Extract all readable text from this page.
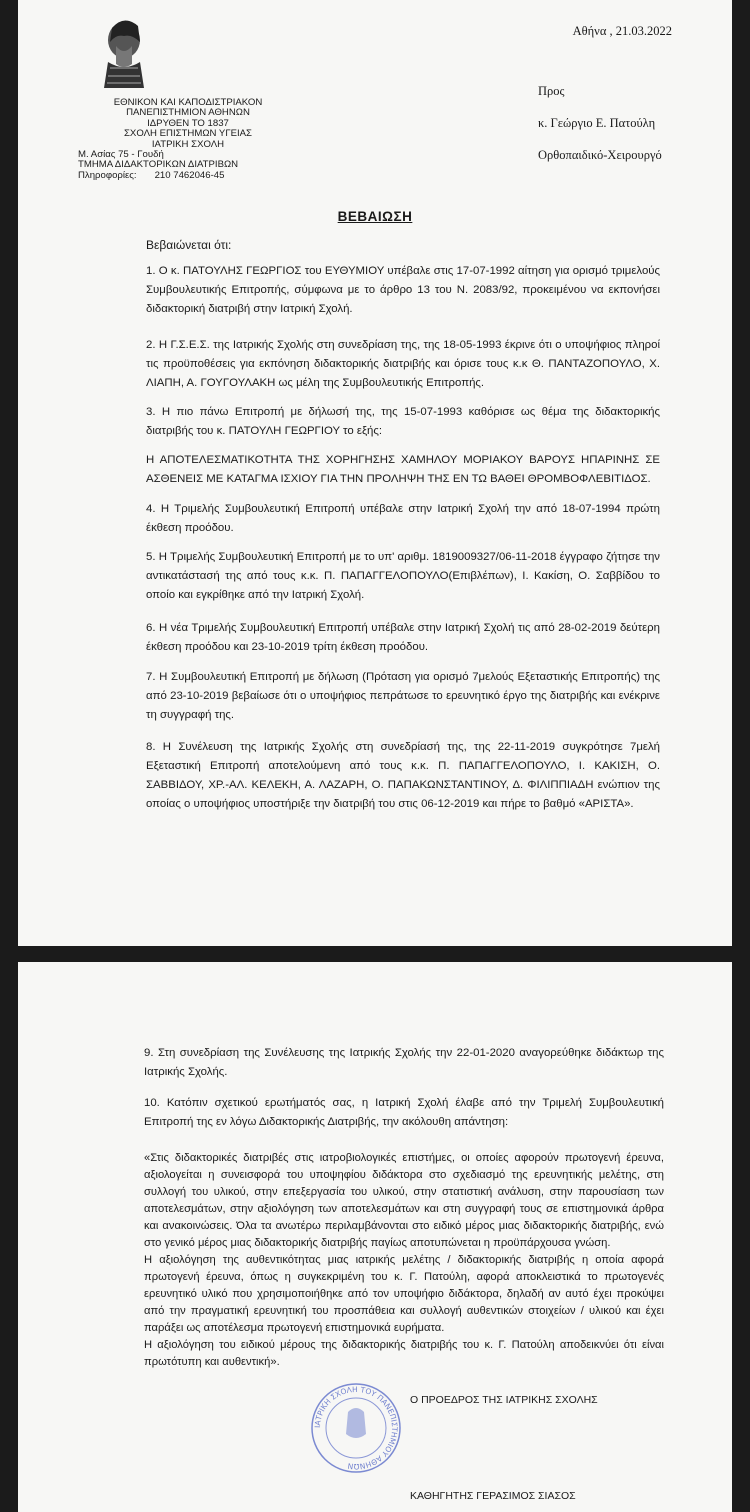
ΕΘΝΙΚΟΝ ΚΑΙ ΚΑΠΟΔΙΣΤΡΙΑΚΟΝ
ΠΑΝΕΠΙΣΤΗΜΙΟΝ ΑΘΗΝΩΝ
ΙΔΡΥΘΕΝ ΤΟ 1837
ΣΧΟΛΗ ΕΠΙΣΤΗΜΩΝ ΥΓΕΙΑΣ
ΙΑΤΡΙΚΗ ΣΧΟΛΗ
Μ. Ασίας 75 - Γουδή
ΤΜΗΜΑ ΔΙΔΑΚΤΟΡΙΚΩΝ ΔΙΑΤΡΙΒΩΝ
Πληροφορίες: 210 7462046-45
Αθήνα , 21.03.2022
Προς
κ. Γεώργιο Ε. Πατούλη
Ορθοπαιδικό-Χειρουργό
ΒΕΒΑΙΩΣΗ
Βεβαιώνεται ότι:

1. Ο κ. ΠΑΤΟΥΛΗΣ ΓΕΩΡΓΙΟΣ του ΕΥΘΥΜΙΟΥ υπέβαλε στις 17-07-1992 αίτηση για ορισμό τριμελούς Συμβουλευτικής Επιτροπής, σύμφωνα με το άρθρο 13 του Ν. 2083/92, προκειμένου να εκπονήσει διδακτορική διατριβή στην Ιατρική Σχολή.

2. Η Γ.Σ.Ε.Σ. της Ιατρικής Σχολής στη συνεδρίαση της, της 18-05-1993 έκρινε ότι ο υποψήφιος πληροί τις προϋποθέσεις για εκπόνηση διδακτορικής διατριβής και όρισε τους κ.κ Θ. ΠΑΝΤΑΖΟΠΟΥΛΟ, Χ. ΛΙΑΠΗ, Α. ΓΟΥΓΟΥΛΑΚΗ ως μέλη της Συμβουλευτικής Επιτροπής.

3. Η πιο πάνω Επιτροπή με δήλωσή της, της 15-07-1993 καθόρισε ως θέμα της διδακτορικής διατριβής του κ. ΠΑΤΟΥΛΗ ΓΕΩΡΓΙΟΥ το εξής:

Η ΑΠΟΤΕΛΕΣΜΑΤΙΚΟΤΗΤΑ ΤΗΣ ΧΟΡΗΓΗΣΗΣ ΧΑΜΗΛΟΥ ΜΟΡΙΑΚΟΥ ΒΑΡΟΥΣ ΗΠΑΡΙΝΗΣ ΣΕ ΑΣΘΕΝΕΙΣ ΜΕ ΚΑΤΑΓΜΑ ΙΣΧΙΟΥ ΓΙΑ ΤΗΝ ΠΡΟΛΗΨΗ ΤΗΣ ΕΝ ΤΩ ΒΑΘΕΙ ΘΡΟΜΒΟΦΛΕΒΙΤΙΔΟΣ.

4. Η Τριμελής Συμβουλευτική Επιτροπή υπέβαλε στην Ιατρική Σχολή την από 18-07-1994 πρώτη έκθεση προόδου.

5. Η Τριμελής Συμβουλευτική Επιτροπή με το υπ' αριθμ. 1819009327/06-11-2018 έγγραφο ζήτησε την αντικατάστασή της από τους κ.κ. Π. ΠΑΠΑΓΓΕΛΟΠΟΥΛΟ(Επιβλέπων), Ι. Κακίση, Ο. Σαββίδου το οποίο και εγκρίθηκε από την Ιατρική Σχολή.

6. Η νέα Τριμελής Συμβουλευτική Επιτροπή υπέβαλε στην Ιατρική Σχολή τις από 28-02-2019 δεύτερη έκθεση προόδου και 23-10-2019 τρίτη έκθεση προόδου.

7. Η Συμβουλευτική Επιτροπή με δήλωση (Πρόταση για ορισμό 7μελούς Εξεταστικής Επιτροπής) της από 23-10-2019 βεβαίωσε ότι ο υποψήφιος πεπράτωσε το ερευνητικό έργο της διατριβής και ενέκρινε τη συγγραφή της.

8. Η Συνέλευση της Ιατρικής Σχολής στη συνεδρίασή της, της 22-11-2019 συγκρότησε 7μελή Εξεταστική Επιτροπή αποτελούμενη από τους κ.κ. Π. ΠΑΠΑΓΓΕΛΟΠΟΥΛΟ, Ι. ΚΑΚΙΣΗ, Ο. ΣΑΒΒΙΔΟΥ, ΧΡ.-ΑΛ. ΚΕΛΕΚΗ, Α. ΛΑΖΑΡΗ, Ο. ΠΑΠΑΚΩΝΣΤΑΝΤΙΝΟΥ, Δ. ΦΙΛΙΠΠΙΑΔΗ ενώπιον της οποίας ο υποψήφιος υποστήριξε την διατριβή του στις 06-12-2019 και πήρε το βαθμό «ΑΡΙΣΤΑ».

9. Στη συνεδρίαση της Συνέλευσης της Ιατρικής Σχολής την 22-01-2020 αναγορεύθηκε διδάκτωρ της Ιατρικής Σχολής.

10. Κατόπιν σχετικού ερωτήματός σας, η Ιατρική Σχολή έλαβε από την Τριμελή Συμβουλευτική Επιτροπή της εν λόγω Διδακτορικής Διατριβής, την ακόλουθη απάντηση:

«Στις διδακτορικές διατριβές στις ιατροβιολογικές επιστήμες, οι οποίες αφορούν πρωτογενή έρευνα, αξιολογείται η συνεισφορά του υποψηφίου διδάκτορα στο σχεδιασμό της ερευνητικής μελέτης, στη συλλογή του υλικού, στην επεξεργασία του υλικού, στην στατιστική ανάλυση, στην παρουσίαση των αποτελεσμάτων, στην αξιολόγηση των αποτελεσμάτων και στη συγγραφή τους σε επιστημονικά άρθρα και ανακοινώσεις. Όλα τα ανωτέρω περιλαμβάνονται στο ειδικό μέρος μιας διδακτορικής διατριβής, ενώ στο γενικό μέρος μιας διδακτορικής διατριβής παγίως αποτυπώνεται η προϋπάρχουσα γνώση.

Η αξιολόγηση της αυθεντικότητας μιας ιατρικής μελέτης / διδακτορικής διατριβής η οποία αφορά πρωτογενή έρευνα, όπως η συγκεκριμένη του κ. Γ. Πατούλη, αφορά αποκλειστικά το πρωτογενές ερευνητικό υλικό που χρησιμοποιήθηκε από τον υποψήφιο διδάκτορα, δηλαδή αν αυτό έχει προκύψει από την πραγματική ερευνητική του προσπάθεια και συλλογή αυθεντικών στοιχείων / υλικού και έχει παράξει ως αποτέλεσμα πρωτογενή επιστημονικά ευρήματα.

Η αξιολόγηση του ειδικού μέρους της διδακτορικής διατριβής του κ. Γ. Πατούλη αποδεικνύει ότι είναι πρωτότυπη και αυθεντική».

ΙΑΤΡΙΚΗ ΣΧΟΛΗ ΤΟΥ ΠΑΝΕΠΙΣΤΗΜΙΟΥ ΑΘΗΝΩΝ
Ο ΠΡΟΕΔΡΟΣ ΤΗΣ ΙΑΤΡΙΚΗΣ ΣΧΟΛΗΣ
ΚΑΘΗΓΗΤΗΣ ΓΕΡΑΣΙΜΟΣ ΣΙΑΣΟΣ
